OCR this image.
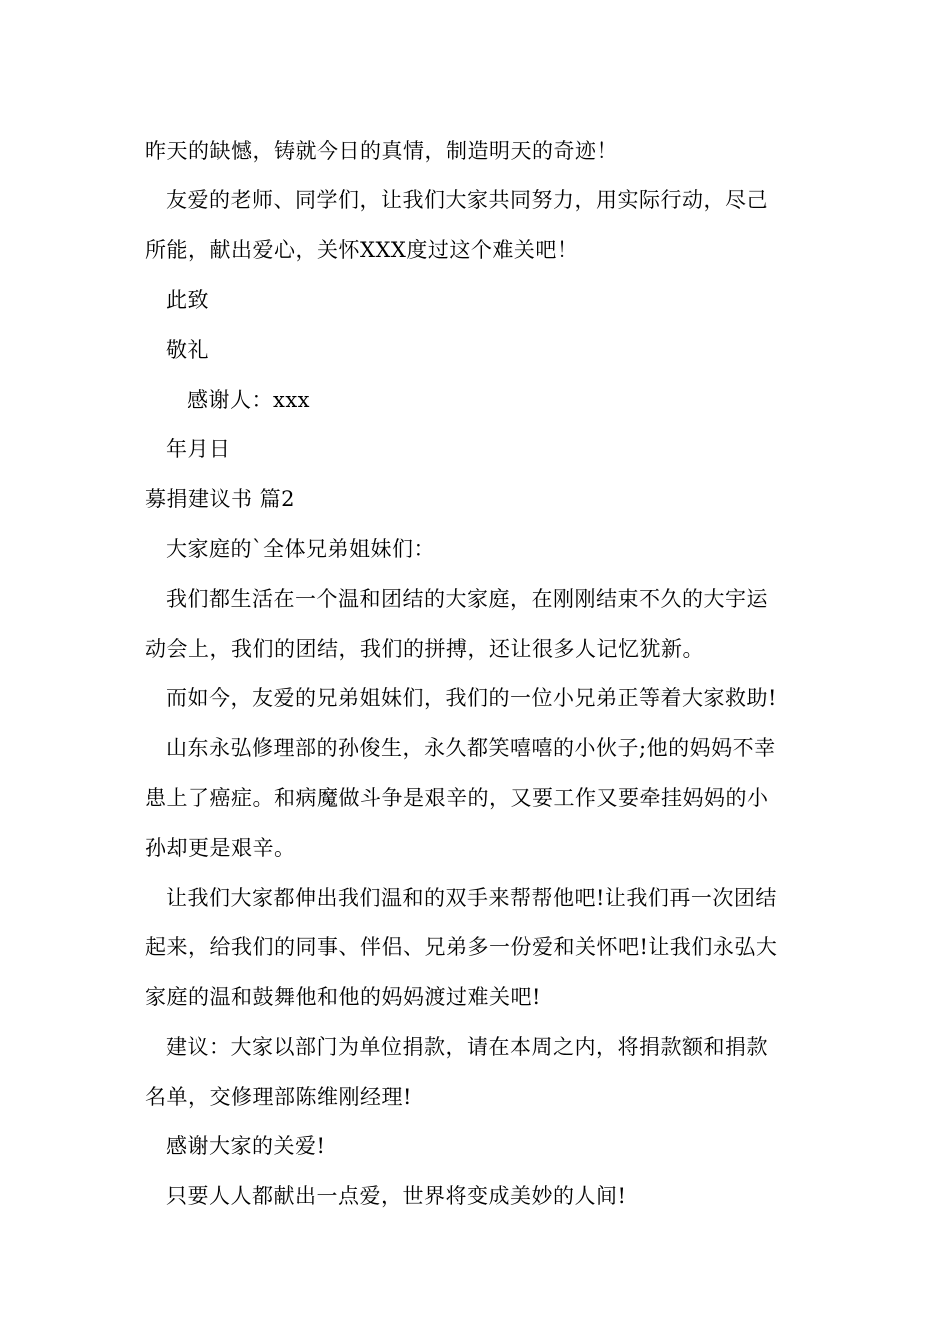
昨天的缺憾，铸就今日的真情，制造明天的奇迹！
友爱的老师、同学们，让我们大家共同努力，用实际行动，尽己
所能，献出爱心，关怀XXX度过这个难关吧！
此致
敬礼
感谢人：xxx
年月日
募捐建议书 篇2
大家庭的`全体兄弟姐妹们：
我们都生活在一个温和团结的大家庭，在刚刚结束不久的大宇运
动会上，我们的团结，我们的拼搏，还让很多人记忆犹新。
而如今，友爱的兄弟姐妹们，我们的一位小兄弟正等着大家救助!
山东永弘修理部的孙俊生，永久都笑嘻嘻的小伙子;他的妈妈不幸
患上了癌症。和病魔做斗争是艰辛的，又要工作又要牵挂妈妈的小
孙却更是艰辛。
让我们大家都伸出我们温和的双手来帮帮他吧!让我们再一次团结
起来，给我们的同事、伴侣、兄弟多一份爱和关怀吧!让我们永弘大
家庭的温和鼓舞他和他的妈妈渡过难关吧!
建议：大家以部门为单位捐款，请在本周之内，将捐款额和捐款
名单，交修理部陈维刚经理!
感谢大家的关爱!
只要人人都献出一点爱，世界将变成美妙的人间!
